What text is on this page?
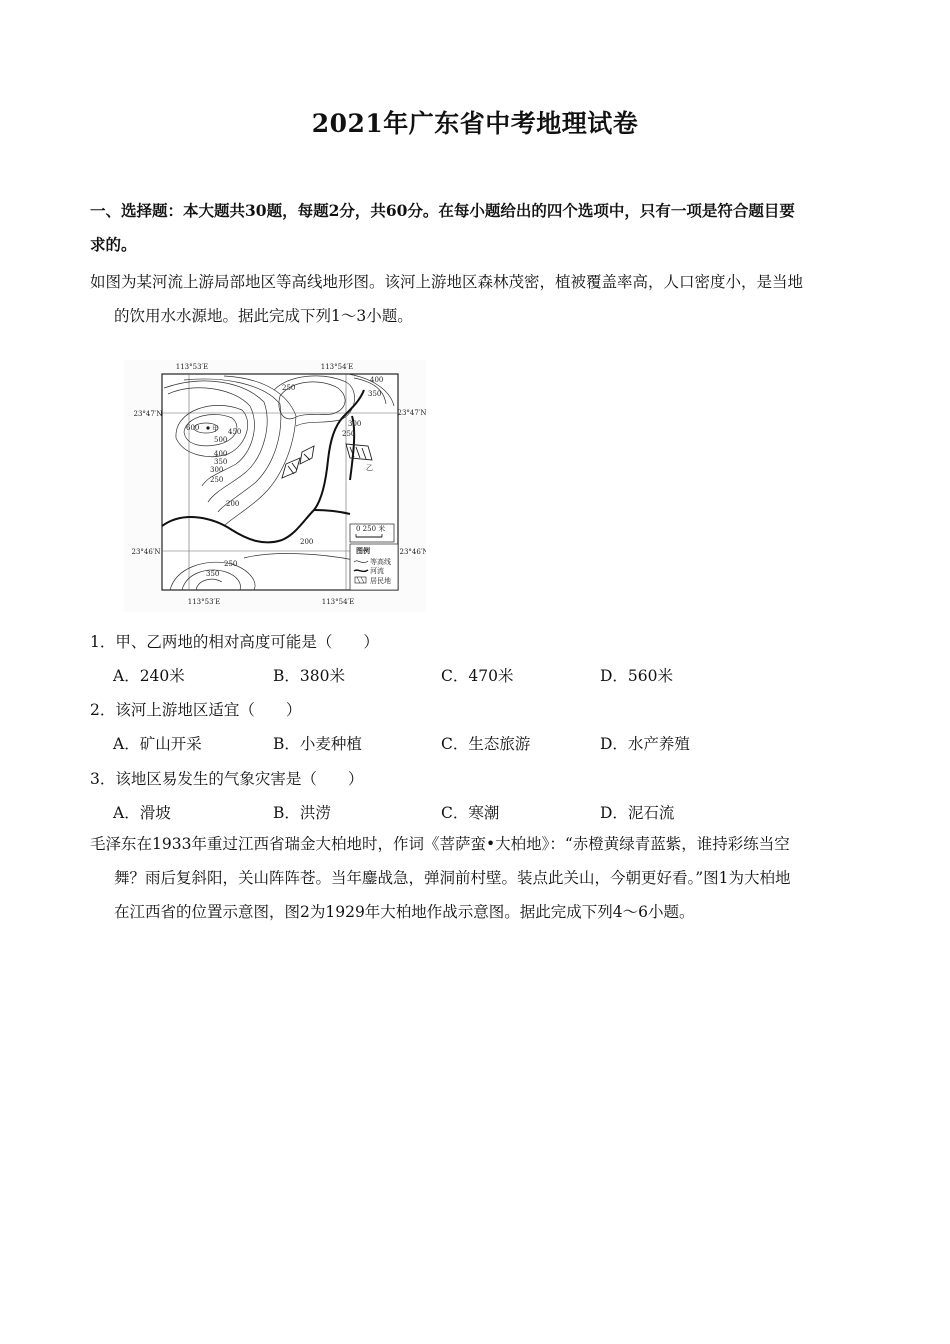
2021年广东省中考地理试卷
一、选择题：本大题共30题，每题2分，共60分。在每小题给出的四个选项中，只有一项是符合题目要
求的。
如图为某河流上游局部地区等高线地形图。该河上游地区森林茂密，植被覆盖率高，人口密度小，是当地
的饮用水水源地。据此完成下列1～3小题。
113°53′E	113°54′E
23°47′N	23°47′N
23°46′N	23°46′N
113°53′E	113°54′E
甲
乙
600
500
450
400
350
300
250
200
250
400
350
300
250
200
350
250
0 250 米
图例
等高线
河流
居民地
1．甲、乙两地的相对高度可能是（　　）
A．240米	B．380米	C．470米	D．560米
2．该河上游地区适宜（　　）
A．矿山开采	B．小麦种植	C．生态旅游	D．水产养殖
3．该地区易发生的气象灾害是（　　）
A．滑坡	B．洪涝	C．寒潮	D．泥石流
毛泽东在1933年重过江西省瑞金大柏地时，作词《菩萨蛮•大柏地》：“赤橙黄绿青蓝紫，谁持彩练当空
舞？雨后复斜阳，关山阵阵苍。当年鏖战急，弹洞前村壁。装点此关山，今朝更好看。”图1为大柏地
在江西省的位置示意图，图2为1929年大柏地作战示意图。据此完成下列4～6小题。
